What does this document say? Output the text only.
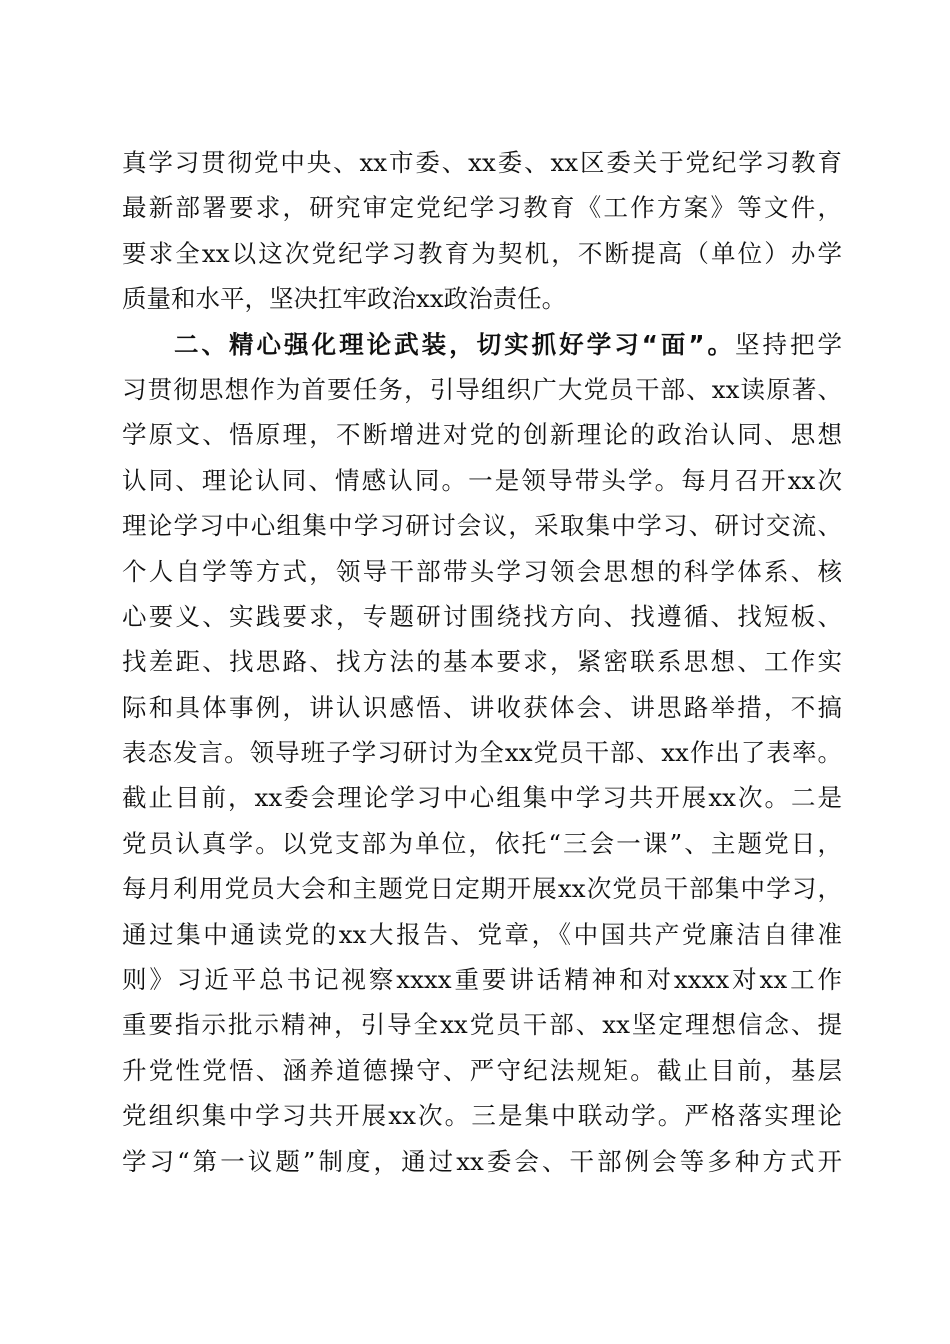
真学习贯彻党中央、xx市委、xx委、xx区委关于党纪学习教育
最新部署要求，研究审定党纪学习教育《工作方案》等文件，
要求全xx以这次党纪学习教育为契机，不断提高（单位）办学
质量和水平，坚决扛牢政治xx政治责任。
二、精心强化理论武装，切实抓好学习“面”。坚持把学
习贯彻思想作为首要任务，引导组织广大党员干部、xx读原著、
学原文、悟原理，不断增进对党的创新理论的政治认同、思想
认同、理论认同、情感认同。一是领导带头学。每月召开xx次
理论学习中心组集中学习研讨会议，采取集中学习、研讨交流、
个人自学等方式，领导干部带头学习领会思想的科学体系、核
心要义、实践要求，专题研讨围绕找方向、找遵循、找短板、
找差距、找思路、找方法的基本要求，紧密联系思想、工作实
际和具体事例，讲认识感悟、讲收获体会、讲思路举措，不搞
表态发言。领导班子学习研讨为全xx党员干部、xx作出了表率。
截止目前，xx委会理论学习中心组集中学习共开展xx次。二是
党员认真学。以党支部为单位，依托“三会一课”、主题党日，
每月利用党员大会和主题党日定期开展xx次党员干部集中学习，
通过集中通读党的xx大报告、党章，《中国共产党廉洁自律准
则》习近平总书记视察xxxx重要讲话精神和对xxxx对xx工作
重要指示批示精神，引导全xx党员干部、xx坚定理想信念、提
升党性党悟、涵养道德操守、严守纪法规矩。截止目前，基层
党组织集中学习共开展xx次。三是集中联动学。严格落实理论
学习“第一议题”制度，通过xx委会、干部例会等多种方式开
